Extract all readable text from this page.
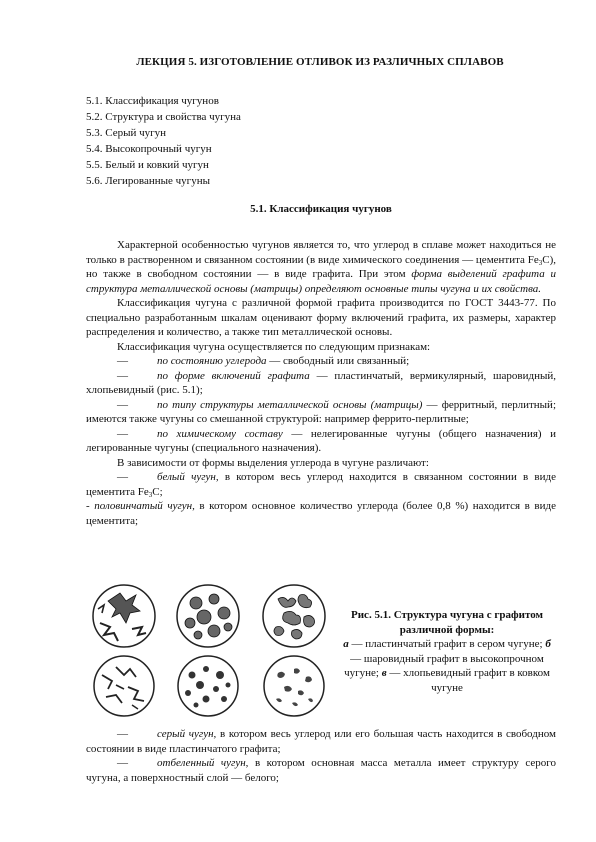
ЛЕКЦИЯ 5. ИЗГОТОВЛЕНИЕ ОТЛИВОК ИЗ РАЗЛИЧНЫХ СПЛАВОВ
5.1. Классификация чугунов
5.2. Структура и свойства чугуна
5.3. Серый чугун
5.4. Высокопрочный чугун
5.5. Белый и ковкий чугун
5.6. Легированные чугуны
5.1. Классификация чугунов

Характерной особенностью чугунов является то, что углерод в сплаве может находиться не только в растворенном и связанном состоянии (в виде химического соединения — цементита $Fe_3С$), но также в свободном состоянии — в виде графита. При этом форма выделений графита и структура металлической основы (матрицы) определяют основные типы чугуна и их свойства.

Классификация чугуна с различной формой графита производится по ГОСТ 3443-77. По специально разработанным шкалам оценивают форму включений графита, их размеры, характер распределения и количество, а также тип металлической основы.

Классификация чугуна осуществляется по следующим признакам:

—	по состоянию углерода — свободный или связанный;

—	по форме включений графита — пластинчатый, вермикулярный, шаровидный, хлопьевидный (рис. 5.1);

—	по типу структуры металлической основы (матрицы) — ферритный, перлитный; имеются также чугуны со смешанной структурой: например феррито-перлитные;

—	по химическому составу — нелегированные чугуны (общего назначения) и легированные чугуны (специального назначения).

В зависимости от формы выделения углерода в чугуне различают:

—	белый чугун, в котором весь углерод находится в связанном состоянии в виде цементита $Fe_3С$;

- половинчатый чугун, в котором основное количество углерода (более 0,8 %) находится в виде цементита;

Рис. 5.1. Структура чугуна с графитом различной формы:
а — пластинчатый графит в сером чугуне; б — шаровидный графит в высокопрочном чугуне; в — хлопьевидный графит в ковком чугуне

—	серый чугун, в котором весь углерод или его большая часть находится в свободном состоянии в виде пластинчатого графита;

—	отбеленный чугун, в котором основная масса металла имеет структуру серого чугуна, а поверхностный слой — белого;
